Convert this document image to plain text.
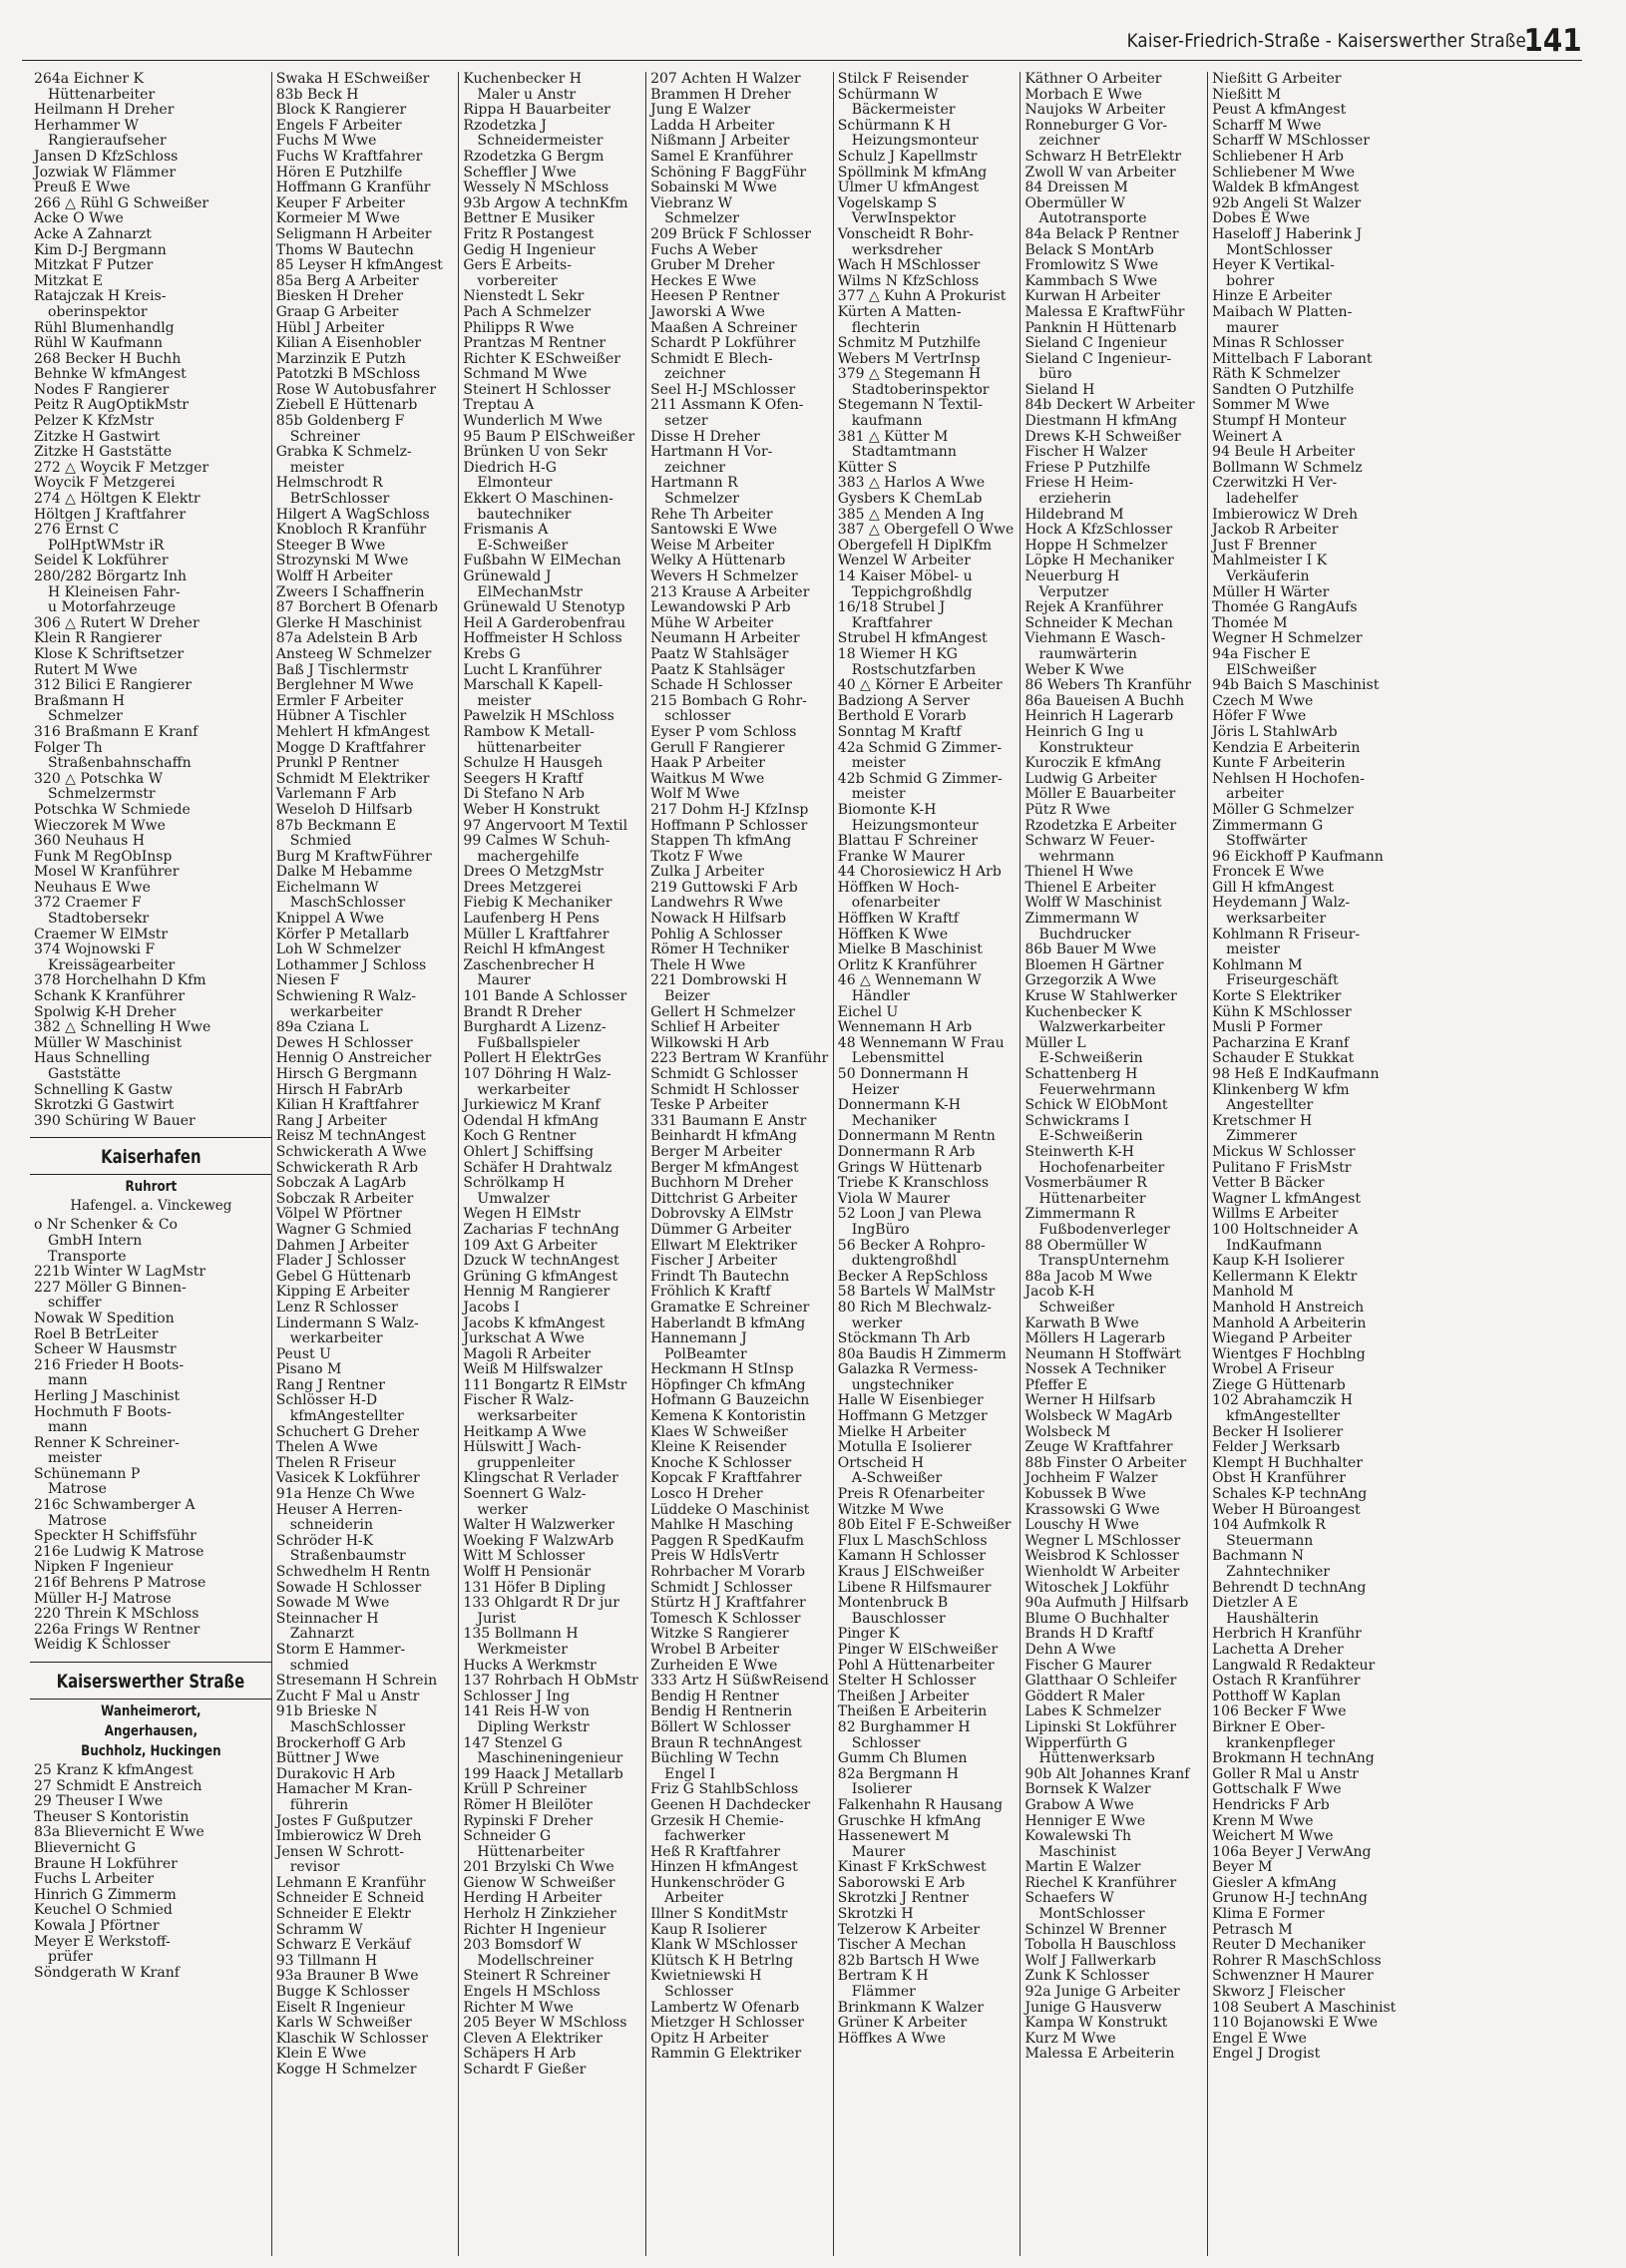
Kaiser-Friedrich-Straße - Kaiserswerther Straße
141
264a Eichner K
Hüttenarbeiter
Heilmann H Dreher
Herhammer W
Rangieraufseher
Jansen D KfzSchloss
Jozwiak W Flämmer
Preuß E Wwe
266 △ Rühl G Schweißer
Acke O Wwe
Acke A Zahnarzt
Kim D-J Bergmann
Mitzkat F Putzer
Mitzkat E
Ratajczak H Kreis-
oberinspektor
Rühl Blumenhandlg
Rühl W Kaufmann
268 Becker H Buchh
Behnke W kfmAngest
Nodes F Rangierer
Peitz R AugOptikMstr
Pelzer K KfzMstr
Zitzke H Gastwirt
Zitzke H Gaststätte
272 △ Woycik F Metzger
Woycik F Metzgerei
274 △ Höltgen K Elektr
Höltgen J Kraftfahrer
276 Ernst C
PolHptWMstr iR
Seidel K Lokführer
280/282 Börgartz Inh
H Kleineisen Fahr-
u Motorfahrzeuge
306 △ Rutert W Dreher
Klein R Rangierer
Klose K Schriftsetzer
Rutert M Wwe
312 Bilici E Rangierer
Braßmann H
Schmelzer
316 Braßmann E Kranf
Folger Th
Straßenbahnschaffn
320 △ Potschka W
Schmelzermstr
Potschka W Schmiede
Wieczorek M Wwe
360 Neuhaus H
Funk M RegObInsp
Mosel W Kranführer
Neuhaus E Wwe
372 Craemer F
Stadtobersekr
Craemer W ElMstr
374 Wojnowski F
Kreissägearbeiter
378 Horchelhahn D Kfm
Schank K Kranführer
Spolwig K-H Dreher
382 △ Schnelling H Wwe
Müller W Maschinist
Haus Schnelling
Gaststätte
Schnelling K Gastw
Skrotzki G Gastwirt
390 Schüring W Bauer
Kaiserhafen
Ruhrort
Hafengel. a. Vinckeweg
o Nr Schenker & Co
GmbH Intern
Transporte
221b Winter W LagMstr
227 Möller G Binnen-
schiffer
Nowak W Spedition
Roel B BetrLeiter
Scheer W Hausmstr
216 Frieder H Boots-
mann
Herling J Maschinist
Hochmuth F Boots-
mann
Renner K Schreiner-
meister
Schünemann P
Matrose
216c Schwamberger A
Matrose
Speckter H Schiffsführ
216e Ludwig K Matrose
Nipken F Ingenieur
216f Behrens P Matrose
Müller H-J Matrose
220 Threin K MSchloss
226a Frings W Rentner
Weidig K Schlosser
Kaiserswerther Straße
Wanheimerort,
Angerhausen,
Buchholz, Huckingen
25 Kranz K kfmAngest
27 Schmidt E Anstreich
29 Theuser I Wwe
Theuser S Kontoristin
83a Blievernicht E Wwe
Blievernicht G
Braune H Lokführer
Fuchs L Arbeiter
Hinrich G Zimmerm
Keuchel O Schmied
Kowala J Pförtner
Meyer E Werkstoff-
prüfer
Söndgerath W Kranf
Swaka H ESchweißer
83b Beck H
Block K Rangierer
Engels F Arbeiter
Fuchs M Wwe
Fuchs W Kraftfahrer
Hören E Putzhilfe
Hoffmann G Kranführ
Keuper F Arbeiter
Kormeier M Wwe
Seligmann H Arbeiter
Thoms W Bautechn
85 Leyser H kfmAngest
85a Berg A Arbeiter
Biesken H Dreher
Graap G Arbeiter
Hübl J Arbeiter
Kilian A Eisenhobler
Marzinzik E Putzh
Patotzki B MSchloss
Rose W Autobusfahrer
Ziebell E Hüttenarb
85b Goldenberg F
Schreiner
Grabka K Schmelz-
meister
Helmschrodt R
BetrSchlosser
Hilgert A WagSchloss
Knobloch R Kranführ
Steeger B Wwe
Strozynski M Wwe
Wolff H Arbeiter
Zweers I Schaffnerin
87 Borchert B Ofenarb
Glerke H Maschinist
87a Adelstein B Arb
Ansteeg W Schmelzer
Baß J Tischlermstr
Berglehner M Wwe
Ermler F Arbeiter
Hübner A Tischler
Mehlert H kfmAngest
Mogge D Kraftfahrer
Prunkl P Rentner
Schmidt M Elektriker
Varlemann F Arb
Weseloh D Hilfsarb
87b Beckmann E
Schmied
Burg M KraftwFührer
Dalke M Hebamme
Eichelmann W
MaschSchlosser
Knippel A Wwe
Körfer P Metallarb
Loh W Schmelzer
Lothammer J Schloss
Niesen F
Schwiening R Walz-
werkarbeiter
89a Cziana L
Dewes H Schlosser
Hennig O Anstreicher
Hirsch G Bergmann
Hirsch H FabrArb
Kilian H Kraftfahrer
Rang J Arbeiter
Reisz M technAngest
Schwickerath A Wwe
Schwickerath R Arb
Sobczak A LagArb
Sobczak R Arbeiter
Völpel W Pförtner
Wagner G Schmied
Dahmen J Arbeiter
Flader J Schlosser
Gebel G Hüttenarb
Kipping E Arbeiter
Lenz R Schlosser
Lindermann S Walz-
werkarbeiter
Peust U
Pisano M
Rang J Rentner
Schlösser H-D
kfmAngestellter
Schuchert G Dreher
Thelen A Wwe
Thelen R Friseur
Vasicek K Lokführer
91a Henze Ch Wwe
Heuser A Herren-
schneiderin
Schröder H-K
Straßenbaumstr
Schwedhelm H Rentn
Sowade H Schlosser
Sowade M Wwe
Steinnacher H
Zahnarzt
Storm E Hammer-
schmied
Stresemann H Schrein
Zucht F Mal u Anstr
91b Brieske N
MaschSchlosser
Brockerhoff G Arb
Büttner J Wwe
Durakovic H Arb
Hamacher M Kran-
führerin
Jostes F Gußputzer
Imbierowicz W Dreh
Jensen W Schrott-
revisor
Lehmann E Kranführ
Schneider E Schneid
Schneider E Elektr
Schramm W
Schwarz E Verkäuf
93 Tillmann H
93a Brauner B Wwe
Bugge K Schlosser
Eiselt R Ingenieur
Karls W Schweißer
Klaschik W Schlosser
Klein E Wwe
Kogge H Schmelzer
Kuchenbecker H
Maler u Anstr
Rippa H Bauarbeiter
Rzodetzka J
Schneidermeister
Rzodetzka G Bergm
Scheffler J Wwe
Wessely N MSchloss
93b Argow A technKfm
Bettner E Musiker
Fritz R Postangest
Gedig H Ingenieur
Gers E Arbeits-
vorbereiter
Nienstedt L Sekr
Pach A Schmelzer
Philipps R Wwe
Prantzas M Rentner
Richter K ESchweißer
Schmand M Wwe
Steinert H Schlosser
Treptau A
Wunderlich M Wwe
95 Baum P ElSchweißer
Brünken U von Sekr
Diedrich H-G
Elmonteur
Ekkert O Maschinen-
bautechniker
Frismanis A
E-Schweißer
Fußbahn W ElMechan
Grünewald J
ElMechanMstr
Grünewald U Stenotyp
Heil A Garderobenfrau
Hoffmeister H Schloss
Krebs G
Lucht L Kranführer
Marschall K Kapell-
meister
Pawelzik H MSchloss
Rambow K Metall-
hüttenarbeiter
Schulze H Hausgeh
Seegers H Kraftf
Di Stefano N Arb
Weber H Konstrukt
97 Angervoort M Textil
99 Calmes W Schuh-
machergehilfe
Drees O MetzgMstr
Drees Metzgerei
Fiebig K Mechaniker
Laufenberg H Pens
Müller L Kraftfahrer
Reichl H kfmAngest
Zaschenbrecher H
Maurer
101 Bande A Schlosser
Brandt R Dreher
Burghardt A Lizenz-
Fußballspieler
Pollert H ElektrGes
107 Döhring H Walz-
werkarbeiter
Jurkiewicz M Kranf
Odendal H kfmAng
Koch G Rentner
Ohlert J Schiffsing
Schäfer H Drahtwalz
Schrölkamp H
Umwalzer
Wegen H ElMstr
Zacharias F technAng
109 Axt G Arbeiter
Dzuck W technAngest
Grüning G kfmAngest
Hennig M Rangierer
Jacobs I
Jacobs K kfmAngest
Jurkschat A Wwe
Magoli R Arbeiter
Weiß M Hilfswalzer
111 Bongartz R ElMstr
Fischer R Walz-
werksarbeiter
Heitkamp A Wwe
Hülswitt J Wach-
gruppenleiter
Klingschat R Verlader
Soennert G Walz-
werker
Walter H Walzwerker
Woeking F WalzwArb
Witt M Schlosser
Wolff H Pensionär
131 Höfer B Dipling
133 Ohlgardt R Dr jur
Jurist
135 Bollmann H
Werkmeister
Hucks A Werkmstr
137 Rohrbach H ObMstr
Schlosser J Ing
141 Reis H-W von
Dipling Werkstr
147 Stenzel G
Maschineningenieur
199 Haack J Metallarb
Krüll P Schreiner
Römer H Bleilöter
Rypinski F Dreher
Schneider G
Hüttenarbeiter
201 Brzylski Ch Wwe
Gienow W Schweißer
Herding H Arbeiter
Herholz H Zinkzieher
Richter H Ingenieur
203 Bomsdorf W
Modellschreiner
Steinert R Schreiner
Engels H MSchloss
Richter M Wwe
205 Beyer W MSchloss
Cleven A Elektriker
Schäpers H Arb
Schardt F Gießer
207 Achten H Walzer
Brammen H Dreher
Jung E Walzer
Ladda H Arbeiter
Nißmann J Arbeiter
Samel E Kranführer
Schöning F BaggFühr
Sobainski M Wwe
Viebranz W
Schmelzer
209 Brück F Schlosser
Fuchs A Weber
Gruber M Dreher
Heckes E Wwe
Heesen P Rentner
Jaworski A Wwe
Maaßen A Schreiner
Schardt P Lokführer
Schmidt E Blech-
zeichner
Seel H-J MSchlosser
211 Assmann K Ofen-
setzer
Disse H Dreher
Hartmann H Vor-
zeichner
Hartmann R
Schmelzer
Rehe Th Arbeiter
Santowski E Wwe
Weise M Arbeiter
Welky A Hüttenarb
Wevers H Schmelzer
213 Krause A Arbeiter
Lewandowski P Arb
Mühe W Arbeiter
Neumann H Arbeiter
Paatz W Stahlsäger
Paatz K Stahlsäger
Schade H Schlosser
215 Bombach G Rohr-
schlosser
Eyser P vom Schloss
Gerull F Rangierer
Haak P Arbeiter
Waitkus M Wwe
Wolf M Wwe
217 Dohm H-J KfzInsp
Hoffmann P Schlosser
Stappen Th kfmAng
Tkotz F Wwe
Zulka J Arbeiter
219 Guttowski F Arb
Landwehrs R Wwe
Nowack H Hilfsarb
Pohlig A Schlosser
Römer H Techniker
Thele H Wwe
221 Dombrowski H
Beizer
Gellert H Schmelzer
Schlief H Arbeiter
Wilkowski H Arb
223 Bertram W Kranführ
Schmidt G Schlosser
Schmidt H Schlosser
Teske P Arbeiter
331 Baumann E Anstr
Beinhardt H kfmAng
Berger M Arbeiter
Berger M kfmAngest
Buchhorn M Dreher
Dittchrist G Arbeiter
Dobrovsky A ElMstr
Dümmer G Arbeiter
Ellwart M Elektriker
Fischer J Arbeiter
Frindt Th Bautechn
Fröhlich K Kraftf
Gramatke E Schreiner
Haberlandt B kfmAng
Hannemann J
PolBeamter
Heckmann H StInsp
Höpfinger Ch kfmAng
Hofmann G Bauzeichn
Kemena K Kontoristin
Klaes W Schweißer
Kleine K Reisender
Knoche K Schlosser
Kopcak F Kraftfahrer
Losco H Dreher
Lüddeke O Maschinist
Mahlke H Masching
Paggen R SpedKaufm
Preis W HdlsVertr
Rohrbacher M Vorarb
Schmidt J Schlosser
Stürtz H J Kraftfahrer
Tomesch K Schlosser
Witzke S Rangierer
Wrobel B Arbeiter
Zurheiden E Wwe
333 Artz H SüßwReisend
Bendig H Rentner
Bendig H Rentnerin
Böllert W Schlosser
Braun R technAngest
Büchling W Techn
Engel I
Friz G StahlbSchloss
Geenen H Dachdecker
Grzesik H Chemie-
fachwerker
Heß R Kraftfahrer
Hinzen H kfmAngest
Hunkenschröder G
Arbeiter
Illner S KonditMstr
Kaup R Isolierer
Klank W MSchlosser
Klütsch K H Betrlng
Kwietniewski H
Schlosser
Lambertz W Ofenarb
Mietzger H Schlosser
Opitz H Arbeiter
Rammin G Elektriker
Stilck F Reisender
Schürmann W
Bäckermeister
Schürmann K H
Heizungsmonteur
Schulz J Kapellmstr
Spöllmink M kfmAng
Ulmer U kfmAngest
Vogelskamp S
VerwInspektor
Vonscheidt R Bohr-
werksdreher
Wach H MSchlosser
Wilms N KfzSchloss
377 △ Kuhn A Prokurist
Kürten A Matten-
flechterin
Schmitz M Putzhilfe
Webers M VertrInsp
379 △ Stegemann H
Stadtoberinspektor
Stegemann N Textil-
kaufmann
381 △ Kütter M
Stadtamtmann
Kütter S
383 △ Harlos A Wwe
Gysbers K ChemLab
385 △ Menden A Ing
387 △ Obergefell O Wwe
Obergefell H DiplKfm
Wenzel W Arbeiter
14 Kaiser Möbel- u
Teppichgroßhdlg
16/18 Strubel J
Kraftfahrer
Strubel H kfmAngest
18 Wiemer H KG
Rostschutzfarben
40 △ Körner E Arbeiter
Badziong A Server
Berthold E Vorarb
Sonntag M Kraftf
42a Schmid G Zimmer-
meister
42b Schmid G Zimmer-
meister
Biomonte K-H
Heizungsmonteur
Blattau F Schreiner
Franke W Maurer
44 Chorosiewicz H Arb
Höffken W Hoch-
ofenarbeiter
Höffken W Kraftf
Höffken K Wwe
Mielke B Maschinist
Orlitz K Kranführer
46 △ Wennemann W
Händler
Eichel U
Wennemann H Arb
48 Wennemann W Frau
Lebensmittel
50 Donnermann H
Heizer
Donnermann K-H
Mechaniker
Donnermann M Rentn
Donnermann R Arb
Grings W Hüttenarb
Triebe K Kranschloss
Viola W Maurer
52 Loon J van Plewa
IngBüro
56 Becker A Rohpro-
duktengroßhdl
Becker A RepSchloss
58 Bartels W MalMstr
80 Rich M Blechwalz-
werker
Stöckmann Th Arb
80a Baudis H Zimmerm
Galazka R Vermess-
ungstechniker
Halle W Eisenbieger
Hoffmann G Metzger
Mielke H Arbeiter
Motulla E Isolierer
Ortscheid H
A-Schweißer
Preis R Ofenarbeiter
Witzke M Wwe
80b Eitel F E-Schweißer
Flux L MaschSchloss
Kamann H Schlosser
Kraus J ElSchweißer
Libene R Hilfsmaurer
Montenbruck B
Bauschlosser
Pinger K
Pinger W ElSchweißer
Pohl A Hüttenarbeiter
Stelter H Schlosser
Theißen J Arbeiter
Theißen E Arbeiterin
82 Burghammer H
Schlosser
Gumm Ch Blumen
82a Bergmann H
Isolierer
Falkenhahn R Hausang
Gruschke H kfmAng
Hassenewert M
Maurer
Kinast F KrkSchwest
Saborowski E Arb
Skrotzki J Rentner
Skrotzki H
Telzerow K Arbeiter
Tischer A Mechan
82b Bartsch H Wwe
Bertram K H
Flämmer
Brinkmann K Walzer
Grüner K Arbeiter
Höffkes A Wwe
Käthner O Arbeiter
Morbach E Wwe
Naujoks W Arbeiter
Ronneburger G Vor-
zeichner
Schwarz H BetrElektr
Zwoll W van Arbeiter
84 Dreissen M
Obermüller W
Autotransporte
84a Belack P Rentner
Belack S MontArb
Fromlowitz S Wwe
Kammbach S Wwe
Kurwan H Arbeiter
Malessa E KraftwFühr
Panknin H Hüttenarb
Sieland C Ingenieur
Sieland C Ingenieur-
büro
Sieland H
84b Deckert W Arbeiter
Diestmann H kfmAng
Drews K-H Schweißer
Fischer H Walzer
Friese P Putzhilfe
Friese H Heim-
erzieherin
Hildebrand M
Hock A KfzSchlosser
Hoppe H Schmelzer
Löpke H Mechaniker
Neuerburg H
Verputzer
Rejek A Kranführer
Schneider K Mechan
Viehmann E Wasch-
raumwärterin
Weber K Wwe
86 Webers Th Kranführ
86a Baueisen A Buchh
Heinrich H Lagerarb
Heinrich G Ing u
Konstrukteur
Kuroczik E kfmAng
Ludwig G Arbeiter
Möller E Bauarbeiter
Pütz R Wwe
Rzodetzka E Arbeiter
Schwarz W Feuer-
wehrmann
Thienel H Wwe
Thienel E Arbeiter
Wolff W Maschinist
Zimmermann W
Buchdrucker
86b Bauer M Wwe
Bloemen H Gärtner
Grzegorzik A Wwe
Kruse W Stahlwerker
Kuchenbecker K
Walzwerkarbeiter
Müller L
E-Schweißerin
Schattenberg H
Feuerwehrmann
Schick W ElObMont
Schwickrams I
E-Schweißerin
Steinwerth K-H
Hochofenarbeiter
Vosmerbäumer R
Hüttenarbeiter
Zimmermann R
Fußbodenverleger
88 Obermüller W
TranspUnternehm
88a Jacob M Wwe
Jacob K-H
Schweißer
Karwath B Wwe
Möllers H Lagerarb
Neumann H Stoffwärt
Nossek A Techniker
Pfeffer E
Werner H Hilfsarb
Wolsbeck W MagArb
Wolsbeck M
Zeuge W Kraftfahrer
88b Finster O Arbeiter
Jochheim F Walzer
Kobussek B Wwe
Krassowski G Wwe
Louschy H Wwe
Wegner L MSchlosser
Weisbrod K Schlosser
Wienholdt W Arbeiter
Witoschek J Lokführ
90a Aufmuth J Hilfsarb
Blume O Buchhalter
Brands H D Kraftf
Dehn A Wwe
Fischer G Maurer
Glatthaar O Schleifer
Göddert R Maler
Labes K Schmelzer
Lipinski St Lokführer
Wipperfürth G
Hüttenwerksarb
90b Alt Johannes Kranf
Bornsek K Walzer
Grabow A Wwe
Henniger E Wwe
Kowalewski Th
Maschinist
Martin E Walzer
Riechel K Kranführer
Schaefers W
MontSchlosser
Schinzel W Brenner
Tobolla H Bauschloss
Wolf J Fallwerkarb
Zunk K Schlosser
92a Junige G Arbeiter
Junige G Hausverw
Kampa W Konstrukt
Kurz M Wwe
Malessa E Arbeiterin
Nießitt G Arbeiter
Nießitt M
Peust A kfmAngest
Scharff M Wwe
Scharff W MSchlosser
Schliebener H Arb
Schliebener M Wwe
Waldek B kfmAngest
92b Angeli St Walzer
Dobes E Wwe
Haseloff J Haberink J
MontSchlosser
Heyer K Vertikal-
bohrer
Hinze E Arbeiter
Maibach W Platten-
maurer
Minas R Schlosser
Mittelbach F Laborant
Räth K Schmelzer
Sandten O Putzhilfe
Sommer M Wwe
Stumpf H Monteur
Weinert A
94 Beule H Arbeiter
Bollmann W Schmelz
Czerwitzki H Ver-
ladehelfer
Imbierowicz W Dreh
Jackob R Arbeiter
Just F Brenner
Mahlmeister I K
Verkäuferin
Müller H Wärter
Thomée G RangAufs
Thomée M
Wegner H Schmelzer
94a Fischer E
ElSchweißer
94b Baich S Maschinist
Czech M Wwe
Höfer F Wwe
Jöris L StahlwArb
Kendzia E Arbeiterin
Kunte F Arbeiterin
Nehlsen H Hochofen-
arbeiter
Möller G Schmelzer
Zimmermann G
Stoffwärter
96 Eickhoff P Kaufmann
Froncek E Wwe
Gill H kfmAngest
Heydemann J Walz-
werksarbeiter
Kohlmann R Friseur-
meister
Kohlmann M
Friseurgeschäft
Korte S Elektriker
Kühn K MSchlosser
Musli P Former
Pacharzina E Kranf
Schauder E Stukkat
98 Heß E IndKaufmann
Klinkenberg W kfm
Angestellter
Kretschmer H
Zimmerer
Mickus W Schlosser
Pulitano F FrisMstr
Vetter B Bäcker
Wagner L kfmAngest
Willms E Arbeiter
100 Holtschneider A
IndKaufmann
Kaup K-H Isolierer
Kellermann K Elektr
Manhold M
Manhold H Anstreich
Manhold A Arbeiterin
Wiegand P Arbeiter
Wientges F Hochblng
Wrobel A Friseur
Ziege G Hüttenarb
102 Abrahamczik H
kfmAngestellter
Becker H Isolierer
Felder J Werksarb
Klempt H Buchhalter
Obst H Kranführer
Schales K-P technAng
Weber H Büroangest
104 Aufmkolk R
Steuermann
Bachmann N
Zahntechniker
Behrendt D technAng
Dietzler A E
Haushälterin
Herbrich H Kranführ
Lachetta A Dreher
Langwald R Redakteur
Ostach R Kranführer
Potthoff W Kaplan
106 Becker F Wwe
Birkner E Ober-
krankenpfleger
Brokmann H technAng
Goller R Mal u Anstr
Gottschalk F Wwe
Hendricks F Arb
Krenn M Wwe
Weichert M Wwe
106a Beyer J VerwAng
Beyer M
Giesler A kfmAng
Grunow H-J technAng
Klima E Former
Petrasch M
Reuter D Mechaniker
Rohrer R MaschSchloss
Schwenzner H Maurer
Skworz J Fleischer
108 Seubert A Maschinist
110 Bojanowski E Wwe
Engel E Wwe
Engel J Drogist
